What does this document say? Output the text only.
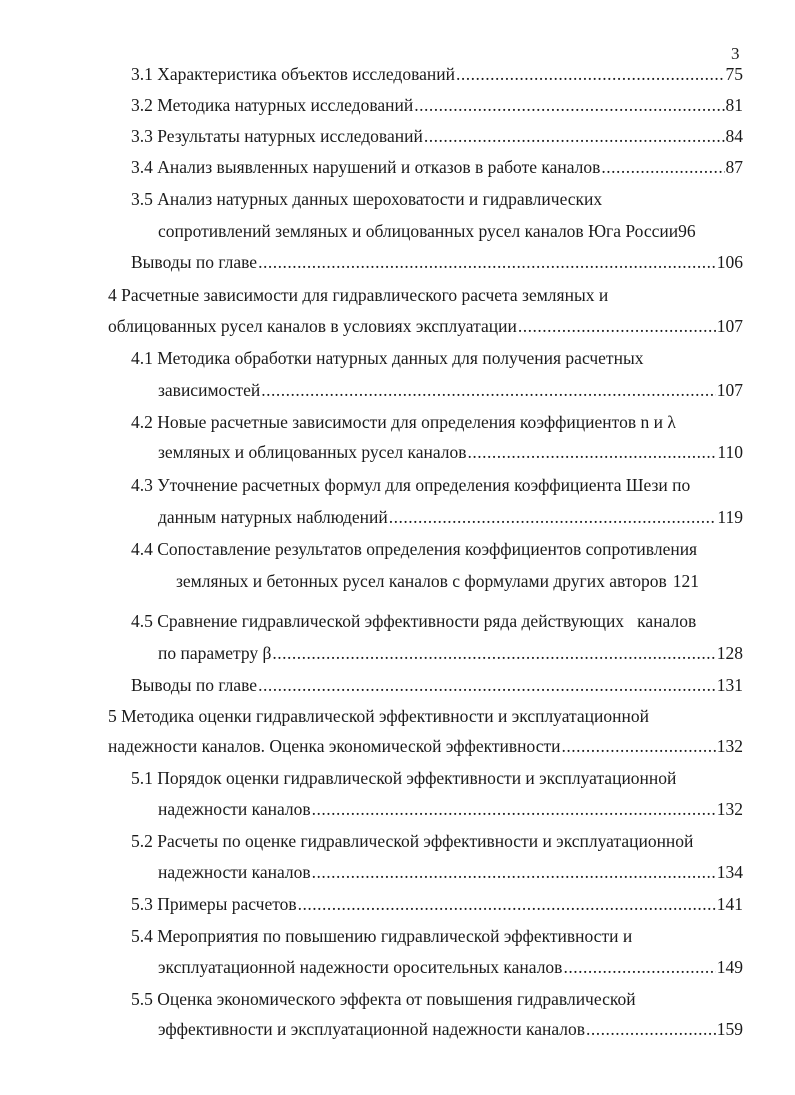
3
3.1 Характеристика объектов исследований .....	75
3.2 Методика натурных исследований .....	81
3.3 Результаты натурных исследований .....	84
3.4 Анализ выявленных нарушений и отказов в работе каналов .....	87
3.5 Анализ натурных данных шероховатости и гидравлических
сопротивлений земляных и облицованных русел каналов Юга России 96
Выводы по главе .....	106
4 Расчетные зависимости для гидравлического расчета земляных и
облицованных русел каналов в условиях эксплуатации .....	107
4.1 Методика обработки натурных данных для получения расчетных
зависимостей .....	107
4.2 Новые расчетные зависимости для определения коэффициентов n и λ
земляных и облицованных русел каналов .....	110
4.3 Уточнение расчетных формул для определения коэффициента Шези по
данным натурных наблюдений .....	119
4.4 Сопоставление результатов определения коэффициентов сопротивления
земляных и бетонных русел каналов с формулами других авторов 121
4.5 Сравнение гидравлической эффективности ряда действующих   каналов
по параметру β .....	128
Выводы по главе .....	131
5 Методика оценки гидравлической эффективности и эксплуатационной
надежности каналов. Оценка экономической эффективности .....	132
5.1 Порядок оценки гидравлической эффективности и эксплуатационной
надежности каналов .....	132
5.2 Расчеты по оценке гидравлической эффективности и эксплуатационной
надежности каналов .....	134
5.3 Примеры расчетов .....	141
5.4 Мероприятия по повышению гидравлической эффективности и
эксплуатационной надежности оросительных каналов .....	149
5.5 Оценка экономического эффекта от повышения гидравлической
эффективности и эксплуатационной надежности каналов .....	159
